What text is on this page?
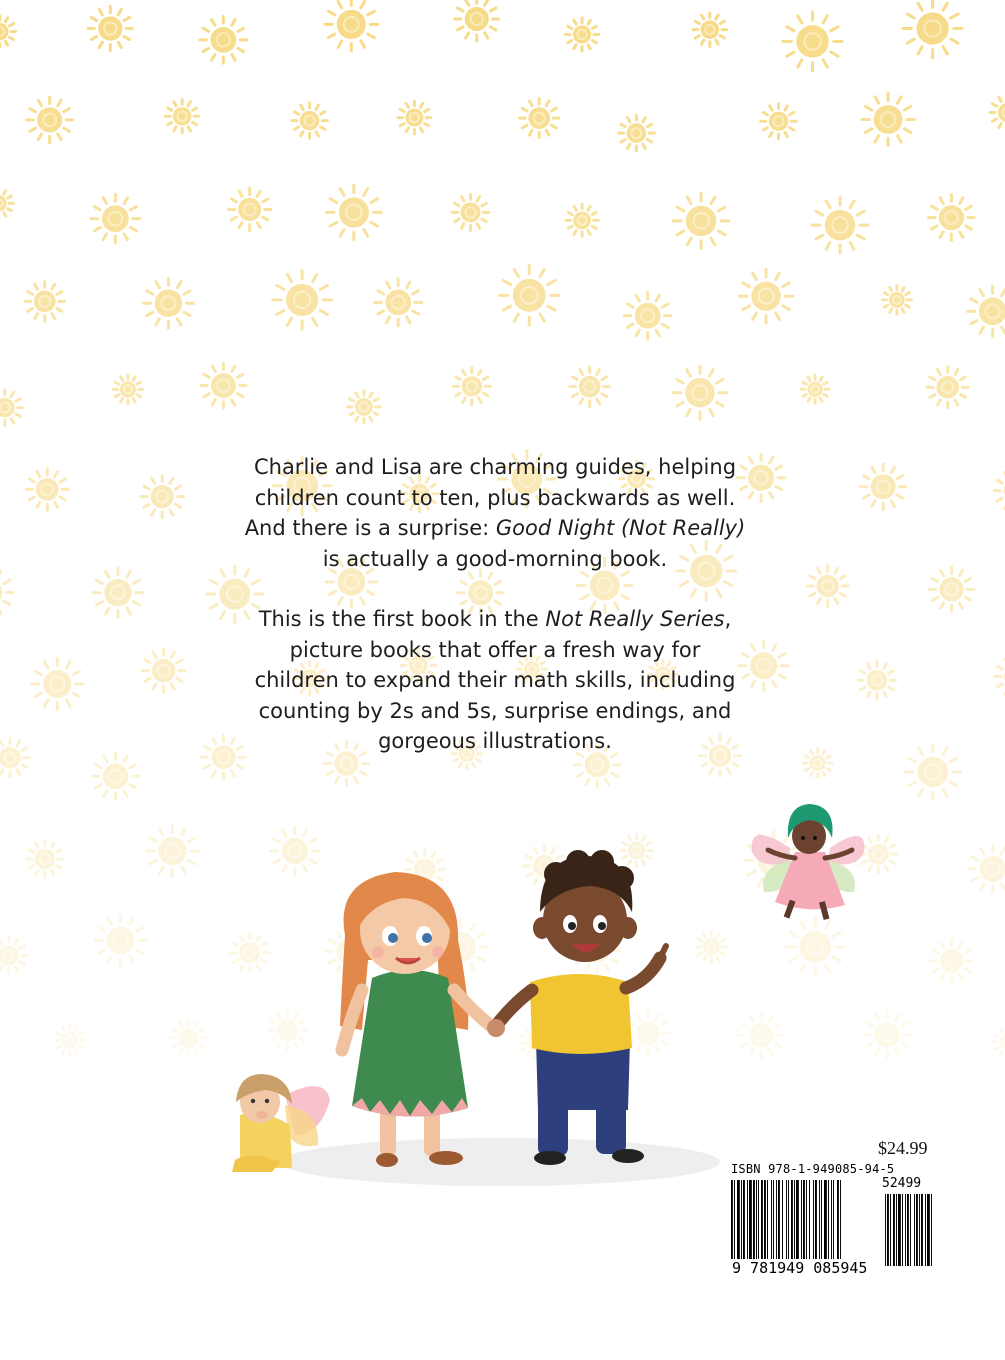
Charlie and Lisa are charming guides, helping
children count to ten, plus backwards as well.
And there is a surprise: Good Night (Not Really)
is actually a good-morning book.
This is the first book in the Not Really Series,
picture books that offer a fresh way for
children to expand their math skills, including
counting by 2s and 5s, surprise endings, and
gorgeous illustrations.
$24.99
ISBN 978-1-949085-94-5
52499
9 781949 085945
